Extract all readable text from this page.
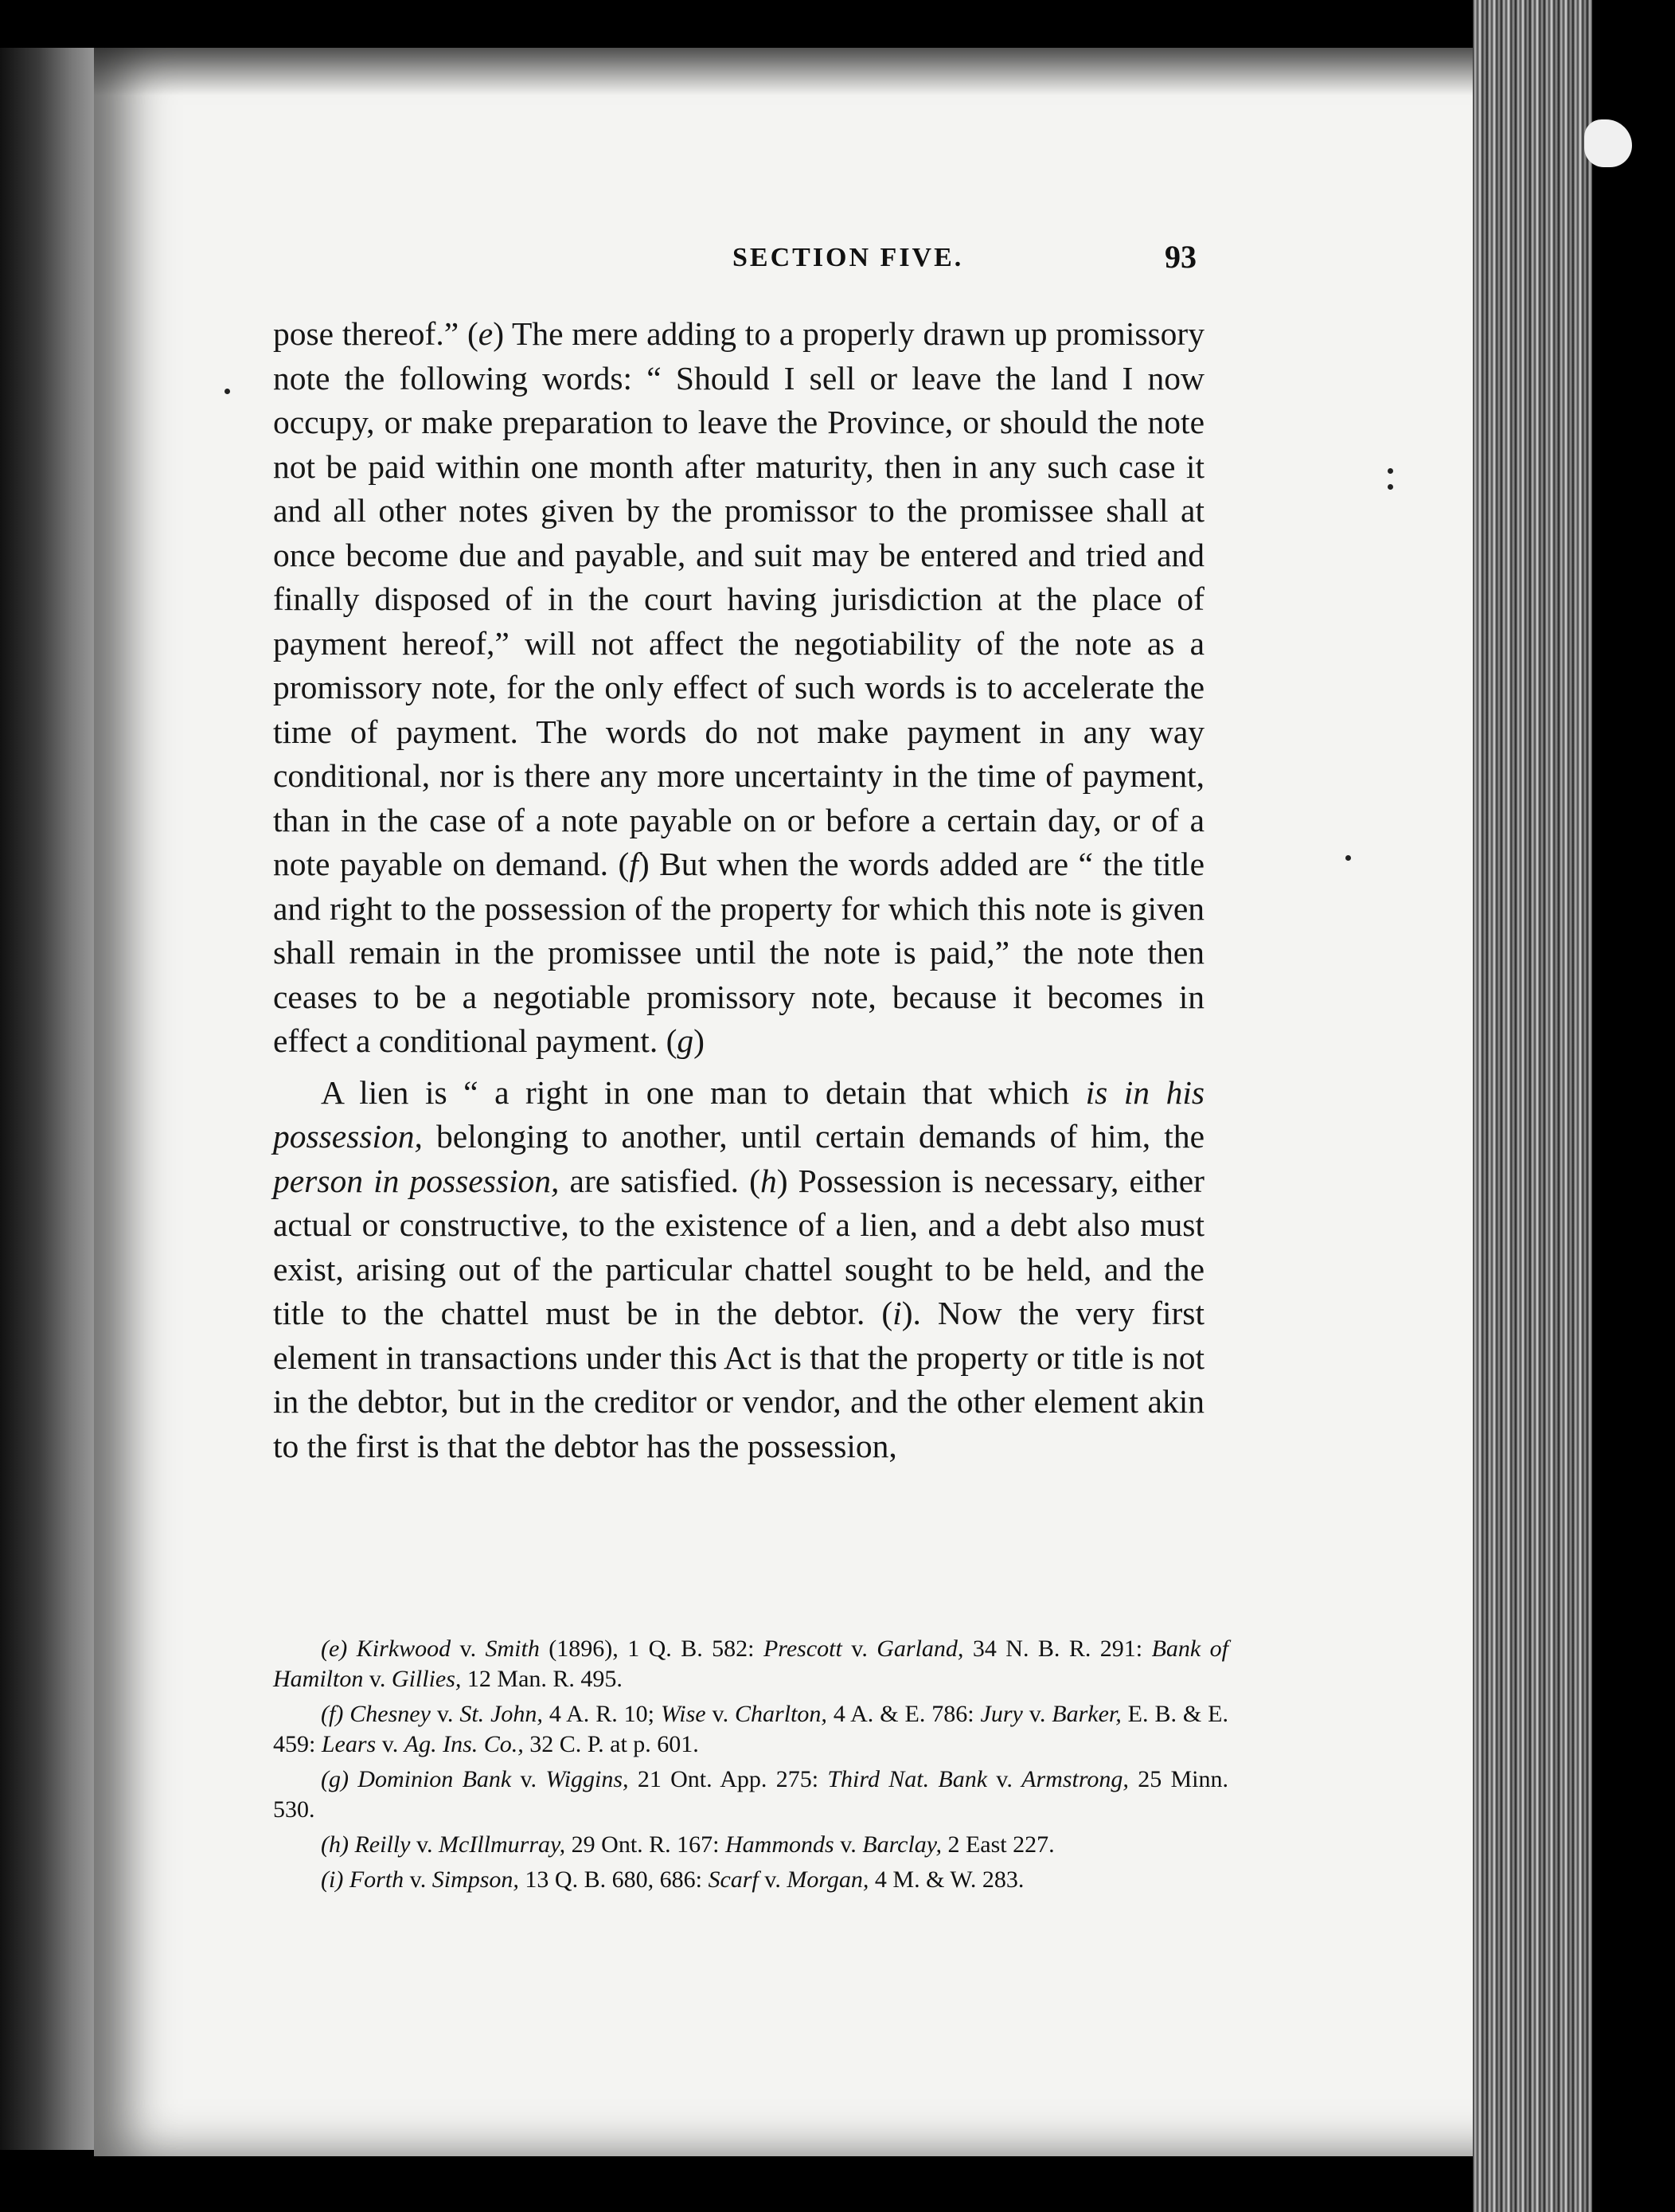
SECTION FIVE.	93

pose thereof.” (e) The mere adding to a properly drawn up promissory note the following words: “ Should I sell or leave the land I now occupy, or make preparation to leave the Province, or should the note not be paid within one month after maturity, then in any such case it and all other notes given by the promissor to the promissee shall at once become due and payable, and suit may be entered and tried and finally disposed of in the court having jurisdiction at the place of payment hereof,” will not affect the negotiability of the note as a promissory note, for the only effect of such words is to accelerate the time of payment. The words do not make payment in any way conditional, nor is there any more uncertainty in the time of payment, than in the case of a note payable on or before a certain day, or of a note payable on demand. (f) But when the words added are “ the title and right to the possession of the property for which this note is given shall remain in the promissee until the note is paid,” the note then ceases to be a negotiable promissory note, because it becomes in effect a conditional payment. (g)

A lien is “ a right in one man to detain that which is in his possession, belonging to another, until certain demands of him, the person in possession, are satisfied. (h) Possession is necessary, either actual or constructive, to the existence of a lien, and a debt also must exist, arising out of the particular chattel sought to be held, and the title to the chattel must be in the debtor. (i). Now the very first element in transactions under this Act is that the property or title is not in the debtor, but in the creditor or vendor, and the other element akin to the first is that the debtor has the possession,

(e) Kirkwood v. Smith (1896), 1 Q. B. 582: Prescott v. Garland, 34 N. B. R. 291: Bank of Hamilton v. Gillies, 12 Man. R. 495.

(f) Chesney v. St. John, 4 A. R. 10; Wise v. Charlton, 4 A. & E. 786: Jury v. Barker, E. B. & E. 459: Lears v. Ag. Ins. Co., 32 C. P. at p. 601.

(g) Dominion Bank v. Wiggins, 21 Ont. App. 275: Third Nat. Bank v. Armstrong, 25 Minn. 530.

(h) Reilly v. McIllmurray, 29 Ont. R. 167: Hammonds v. Barclay, 2 East 227.

(i) Forth v. Simpson, 13 Q. B. 680, 686: Scarf v. Morgan, 4 M. & W. 283.
